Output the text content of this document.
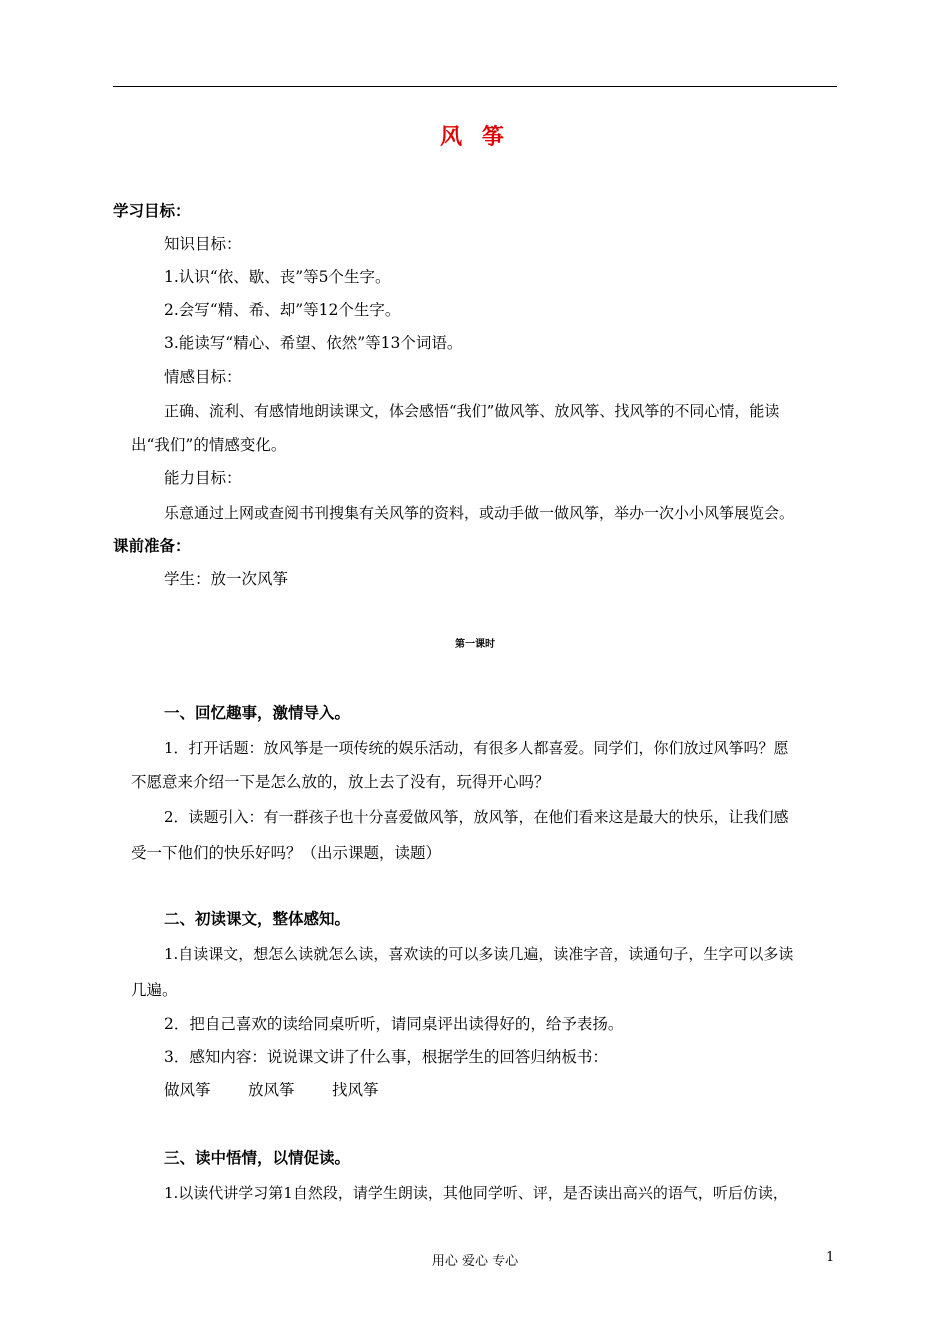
风 筝
学习目标：
知识目标：
1.认识“依、歇、丧”等5个生字。
2.会写“精、希、却”等12个生字。
3.能读写“精心、希望、依然”等13个词语。
情感目标：
正确、流利、有感情地朗读课文，体会感悟“我们”做风筝、放风筝、找风筝的不同心情，能读
出“我们”的情感变化。
能力目标：
乐意通过上网或查阅书刊搜集有关风筝的资料，或动手做一做风筝，举办一次小小风筝展览会。
课前准备：
学生：放一次风筝
第一课时
一、回忆趣事，激情导入。
1．打开话题：放风筝是一项传统的娱乐活动，有很多人都喜爱。同学们，你们放过风筝吗？愿
不愿意来介绍一下是怎么放的，放上去了没有，玩得开心吗？
2．读题引入：有一群孩子也十分喜爱做风筝，放风筝，在他们看来这是最大的快乐，让我们感
受一下他们的快乐好吗？（出示课题，读题）
二、初读课文，整体感知。
1.自读课文，想怎么读就怎么读，喜欢读的可以多读几遍，读准字音，读通句子，生字可以多读
几遍。
2．把自己喜欢的读给同桌听听，请同桌评出读得好的，给予表扬。
3．感知内容：说说课文讲了什么事，根据学生的回答归纳板书：
做风筝 放风筝 找风筝
三、读中悟情，以情促读。
1.以读代讲学习第1自然段，请学生朗读，其他同学听、评，是否读出高兴的语气，听后仿读，
用心 爱心 专心	1
